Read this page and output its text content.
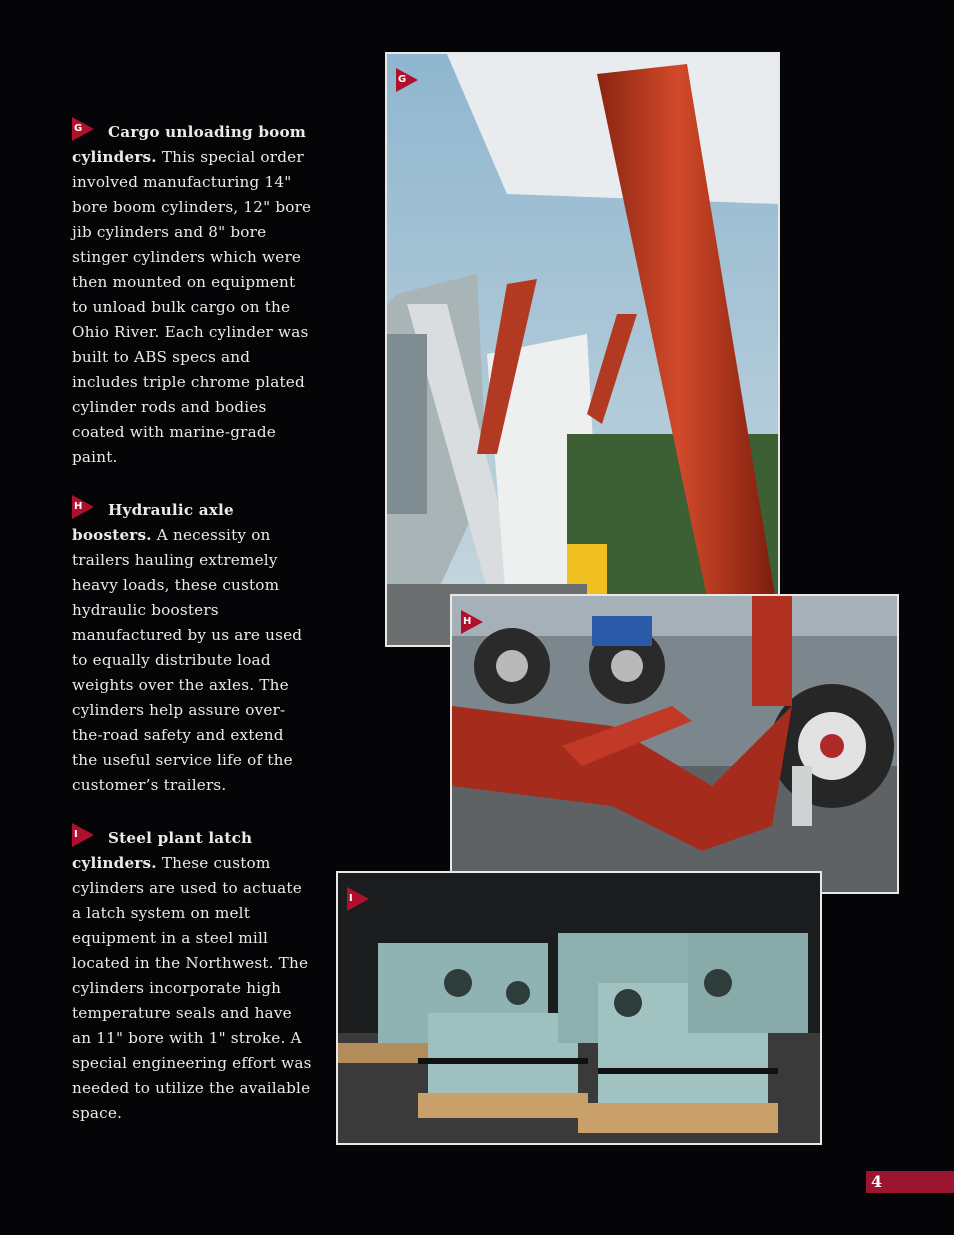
G Cargo unloading boom cylinders. This special order involved manufacturing 14" bore boom cylinders, 12" bore jib cylinders and 8" bore stinger cylinders which were then mounted on equipment to unload bulk cargo on the Ohio River. Each cylinder was built to ABS specs and includes triple chrome plated cylinder rods and bodies coated with marine-grade paint.
H Hydraulic axle boosters. A necessity on trailers hauling extremely heavy loads, these custom hydraulic boosters manufactured by us are used to equally distribute load weights over the axles. The cylinders help assure over-the-road safety and extend the useful service life of the customer’s trailers.
I Steel plant latch cylinders. These custom cylinders are used to actuate a latch system on melt equipment in a steel mill located in the Northwest. The cylinders incorporate high temperature seals and have an 11" bore with 1" stroke. A special engineering effort was needed to utilize the available space.
G
H
I
4
